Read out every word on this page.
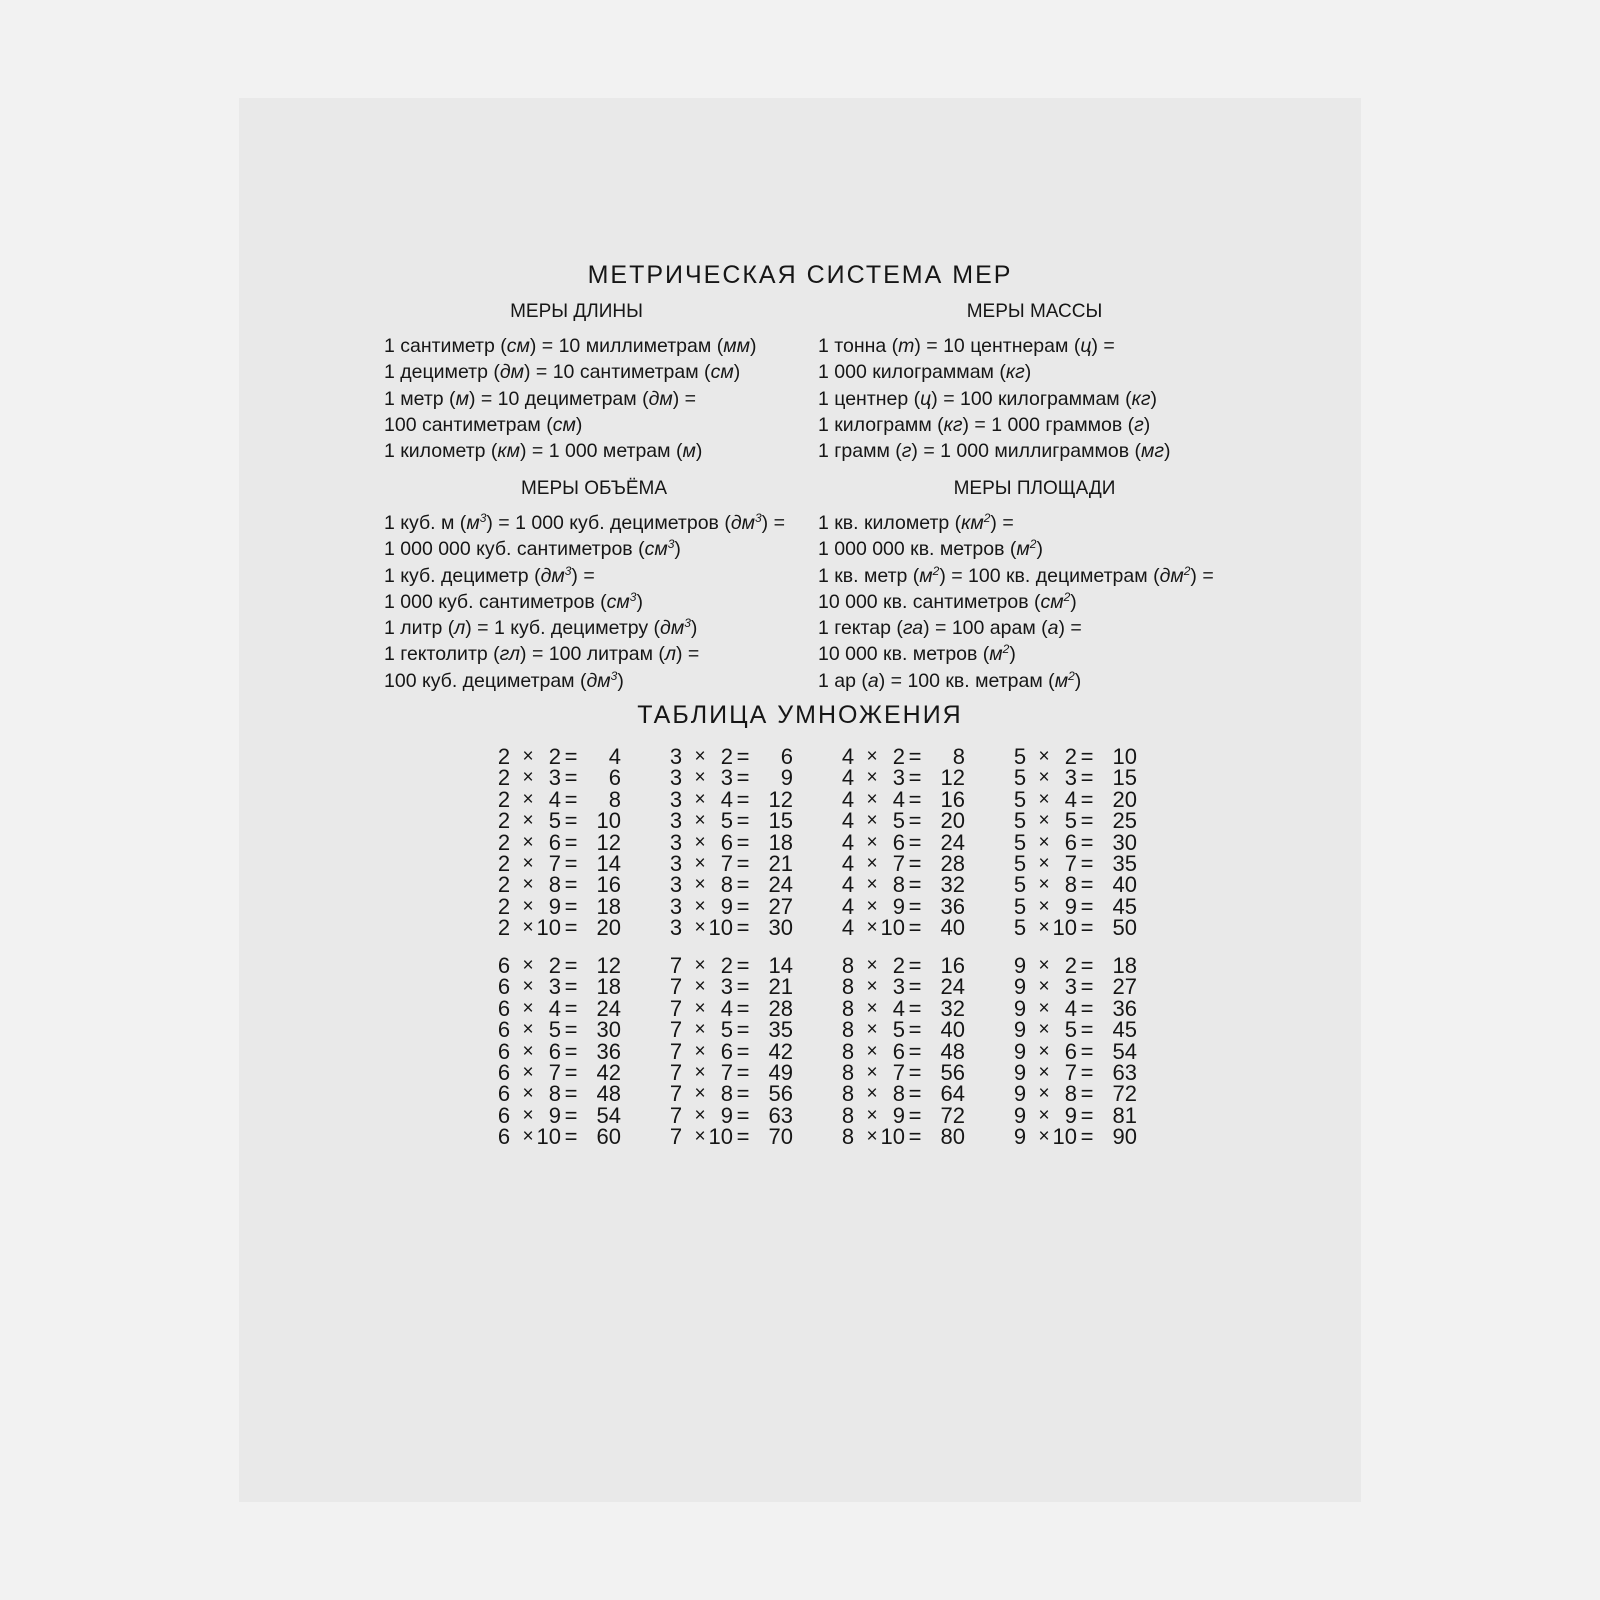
МЕТРИЧЕСКАЯ СИСТЕМА МЕР
МЕРЫ ДЛИНЫ
1 сантиметр (см) = 10 миллиметрам (мм)
1 дециметр (дм) = 10 сантиметрам (см)
1 метр (м) = 10 дециметрам (дм) =
100 сантиметрам (см)
1 километр (км) = 1 000 метрам (м)
МЕРЫ МАССЫ
1 тонна (т) = 10 центнерам (ц) =
1 000 килограммам (кг)
1 центнер (ц) = 100 килограммам (кг)
1 килограмм (кг) = 1 000 граммов (г)
1 грамм (г) = 1 000 миллиграммов (мг)
МЕРЫ ОБЪЁМА
1 куб. м $(м^3) = 1$ 000 куб. дециметров $(дм^3)$ =
1 000 000 куб. сантиметров $(см^3)$
1 куб. дециметр $(дм^3)$ =
1 000 куб. сантиметров $(см^3)$
1 литр (л) = 1 куб. дециметру $(дм^3)$
1 гектолитр (гл) = 100 литрам (л) =
100 куб. дециметрам $(дм^3)$
МЕРЫ ПЛОЩАДИ
1 кв. километр $(км^2)$ =
1 000 000 кв. метров $(м^2)$
1 кв. метр $(м^2) = 100$ кв. дециметрам $(дм^2)$ =
10 000 кв. сантиметров $(см^2)$
1 гектар (га) = 100 арам (а) =
10 000 кв. метров $(м^2)$
1 ар (а) = 100 кв. метрам $(м^2)$
ТАБЛИЦА УМНОЖЕНИЯ
2 × 2 =	4
2 × 3 =	6
2 × 4 =	8
2 × 5 = 10
2 × 6 = 12
2 × 7 = 14
2 × 8 = 16
2 × 9 = 18
2 × 10 = 20
3 × 2 =	6
3 × 3 =	9
3 × 4 = 12
3 × 5 = 15
3 × 6 = 18
3 × 7 = 21
3 × 8 = 24
3 × 9 = 27
3 × 10 = 30
4 × 2 =	8
4 × 3 = 12
4 × 4 = 16
4 × 5 = 20
4 × 6 = 24
4 × 7 = 28
4 × 8 = 32
4 × 9 = 36
4 × 10 = 40
5 × 2 = 10
5 × 3 = 15
5 × 4 = 20
5 × 5 = 25
5 × 6 = 30
5 × 7 = 35
5 × 8 = 40
5 × 9 = 45
5 × 10 = 50
6 × 2 = 12
6 × 3 = 18
6 × 4 = 24
6 × 5 = 30
6 × 6 = 36
6 × 7 = 42
6 × 8 = 48
6 × 9 = 54
6 × 10 = 60
7 × 2 = 14
7 × 3 = 21
7 × 4 = 28
7 × 5 = 35
7 × 6 = 42
7 × 7 = 49
7 × 8 = 56
7 × 9 = 63
7 × 10 = 70
8 × 2 = 16
8 × 3 = 24
8 × 4 = 32
8 × 5 = 40
8 × 6 = 48
8 × 7 = 56
8 × 8 = 64
8 × 9 = 72
8 × 10 = 80
9 × 2 = 18
9 × 3 = 27
9 × 4 = 36
9 × 5 = 45
9 × 6 = 54
9 × 7 = 63
9 × 8 = 72
9 × 9 = 81
9 × 10 = 90
